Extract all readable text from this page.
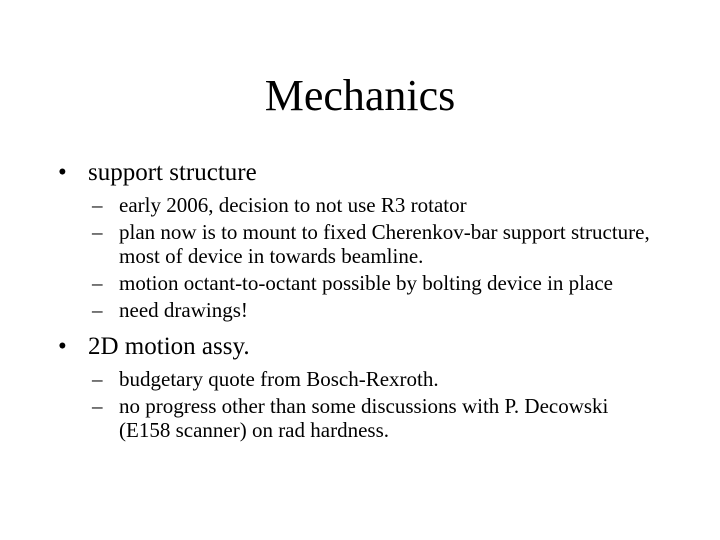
Mechanics
• support structure
– early 2006, decision to not use R3 rotator
– plan now is to mount to fixed Cherenkov-bar support structure, most of device in towards beamline.
– motion octant-to-octant possible by bolting device in place
– need drawings!
• 2D motion assy.
– budgetary quote from Bosch-Rexroth.
– no progress other than some discussions with P. Decowski (E158 scanner) on rad hardness.
